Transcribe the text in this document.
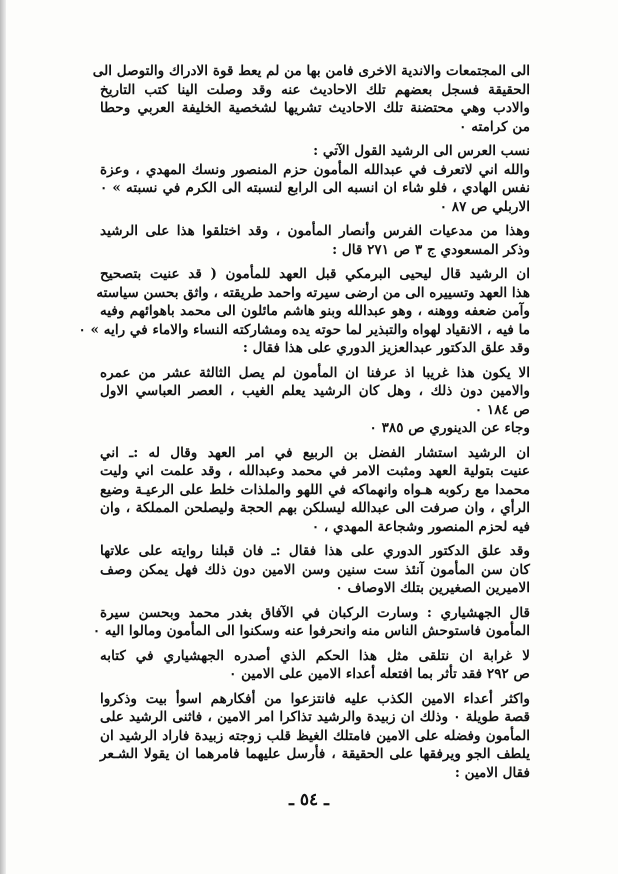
الى المجتمعات والاندية الاخرى فامن بها من لم يعط قوة الادراك والتوصل الى
الحقيقة فسجل بعضهم تلك الاحاديث عنه وقد وصلت الينا كتب التاريخ
والادب وهي محتضنة تلك الاحاديث تشريها لشخصية الخليفة العربي وحطا
من كرامته ٠
نسب العرس الى الرشيد القول الآتي :
والله اني لاتعرف في عبدالله المأمون حزم المنصور ونسك المهدي ، وعزة
نفس الهادي ، فلو شاء ان انسبه الى الرابع لنسبته الى الكرم في نسبته » ٠
الاربلي ص ٨٧ ٠
وهذا من مدعيات الفرس وأنصار المأمون ، وقد اختلقوا هذا على الرشيد
وذكر المسعودي ج ٣ ص ٢٧١ قال :
ان الرشيد قال ليحيى البرمكي قبل العهد للمأمون ( قد عنيت بتصحيح
هذا العهد وتسييره الى من ارضى سيرته واحمد طريقته ، واثق بحسن سياسته
وآمن ضعفه ووهنه ، وهو عبدالله وبنو هاشم مائلون الى محمد باهوائهم وفيه
ما فيه ، الانقياد لهواه والتبذير لما حوته يده ومشاركته النساء والاماء في رايه » ٠
وقد علق الدكتور عبدالعزيز الدوري على هذا فقال :
الا يكون هذا غريبا اذ عرفنا ان المأمون لم يصل الثالثة عشر من عمره
والامين دون ذلك ، وهل كان الرشيد يعلم الغيب ، العصر العباسي الاول
ص ١٨٤ ٠
وجاء عن الدينوري ص ٣٨٥ ٠
ان الرشيد استشار الفضل بن الربيع في امر العهد وقال له :ـ اني
عنيت بتولية العهد ومثبت الامر في محمد وعبدالله ، وقد علمت اني وليت
محمدا مع ركوبه هـواه وانهماكه في اللهو والملذات خلط على الرعيـة وضيع
الرأي ، وان صرفت الى عبدالله ليسلكن بهم الحجة وليصلحن المملكة ، وان
فيه لحزم المنصور وشجاعة المهدي ، ٠
وقد علق الدكتور الدوري على هذا فقال :ـ فان قبلنا روايته على علاتها
كان سن المأمون آنئذ ست سنين وسن الامين دون ذلك فهل يمكن وصف
الاميرين الصغيرين بتلك الاوصاف ٠
قال الجهشياري : وسارت الركبان في الآفاق بغدر محمد وبحسن سيرة
المأمون فاستوحش الناس منه وانحرفوا عنه وسكنوا الى المأمون ومالوا اليه ٠
لا غرابة ان نتلقى مثل هذا الحكم الذي أصدره الجهشياري في كتابه
ص ٢٩٢ فقد تأثر بما افتعله أعداء الامين على الامين ٠
واكثر أعداء الامين الكذب عليه فانتزعوا من أفكارهم اسوأ بيت وذكروا
قصة طويلة ٠ وذلك ان زبيدة والرشيد تذاكرا امر الامين ، فاثنى الرشيد على
المأمون وفضله على الامين فامتلك الغيظ قلب زوجته زبيدة فاراد الرشيد ان
يلطف الجو ويرفقها على الحقيقة ، فأرسل عليهما فامرهما ان يقولا الشـعر
فقال الامين :
ـ ٥٤ ـ
